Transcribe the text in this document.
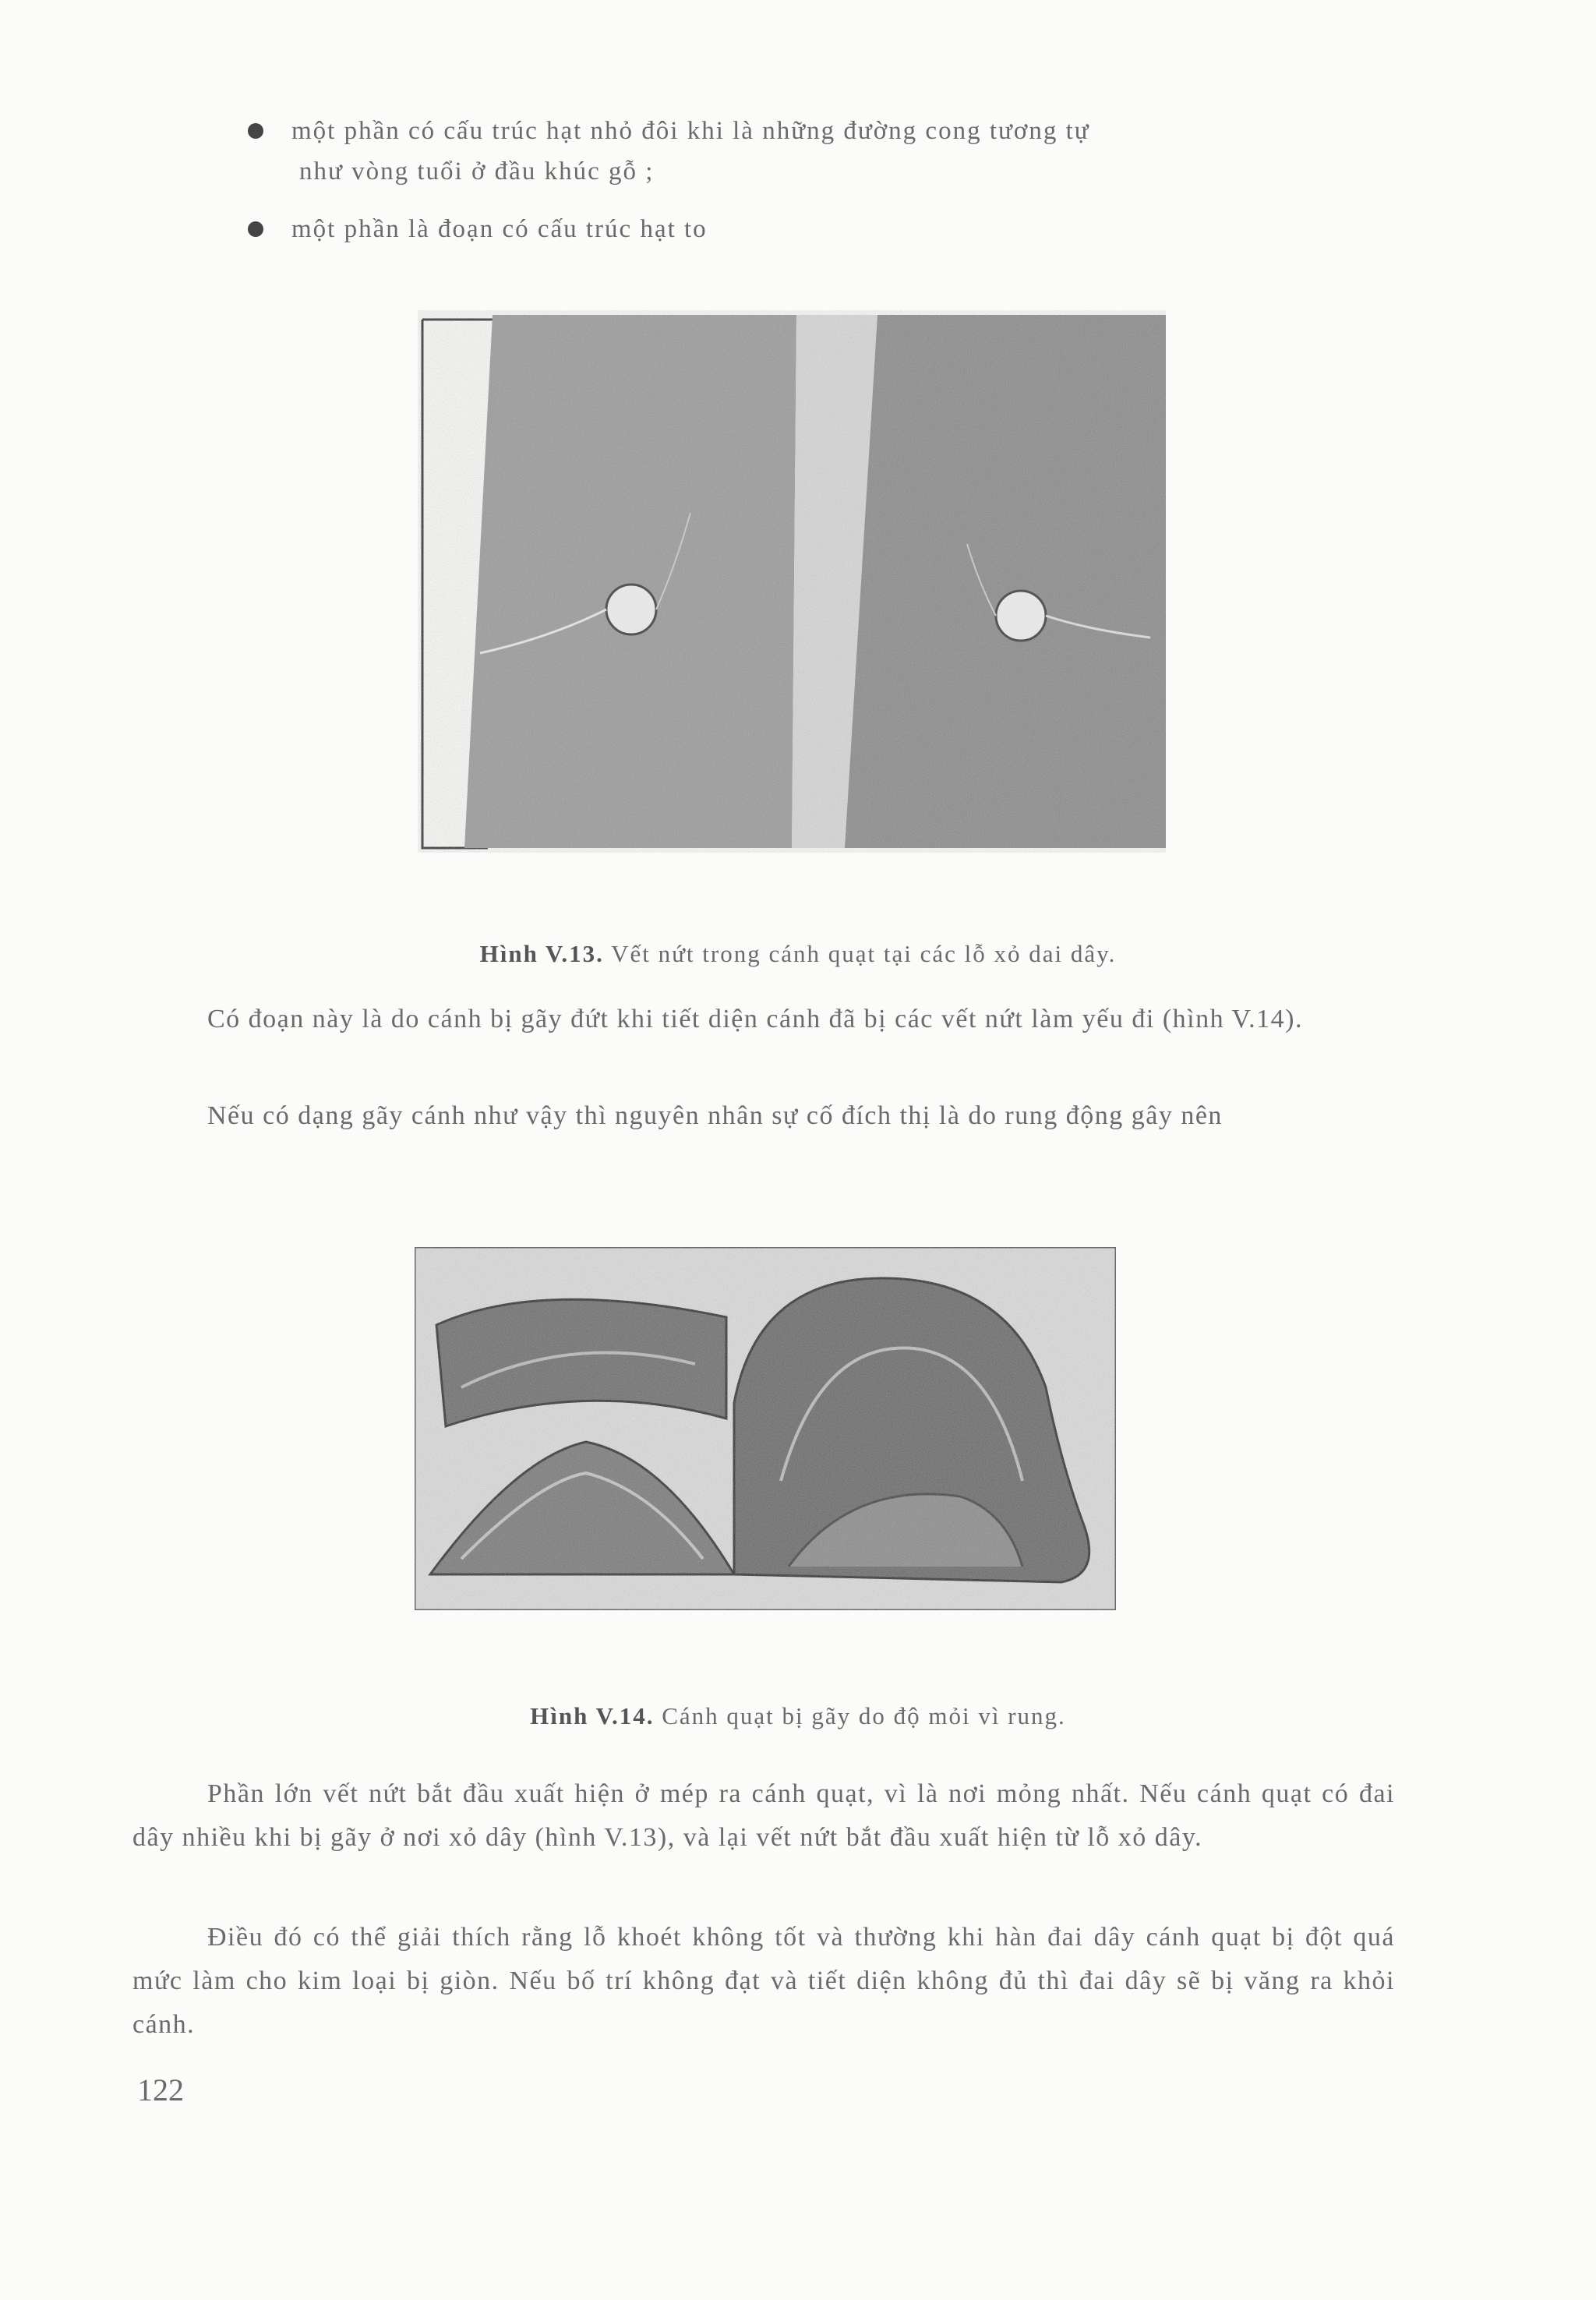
một phần có cấu trúc hạt nhỏ đôi khi là những đường cong tương tự
như vòng tuổi ở đầu khúc gỗ ;
một phần là đoạn có cấu trúc hạt to
Hình V.13. Vết nứt trong cánh quạt tại các lỗ xỏ dai dây.
Có đoạn này là do cánh bị gãy đứt khi tiết diện cánh đã bị các vết nứt làm yếu đi (hình V.14).
Nếu có dạng gãy cánh như vậy thì nguyên nhân sự cố đích thị là do rung động gây nên
Hình V.14. Cánh quạt bị gãy do độ mỏi vì rung.
Phần lớn vết nứt bắt đầu xuất hiện ở mép ra cánh quạt, vì là nơi mỏng nhất. Nếu cánh quạt có đai dây nhiều khi bị gãy ở nơi xỏ dây (hình V.13), và lại vết nứt bắt đầu xuất hiện từ lỗ xỏ dây.
Điều đó có thể giải thích rằng lỗ khoét không tốt và thường khi hàn đai dây cánh quạt bị đột quá mức làm cho kim loại bị giòn. Nếu bố trí không đạt và tiết diện không đủ thì đai dây sẽ bị văng ra khỏi cánh.
122
